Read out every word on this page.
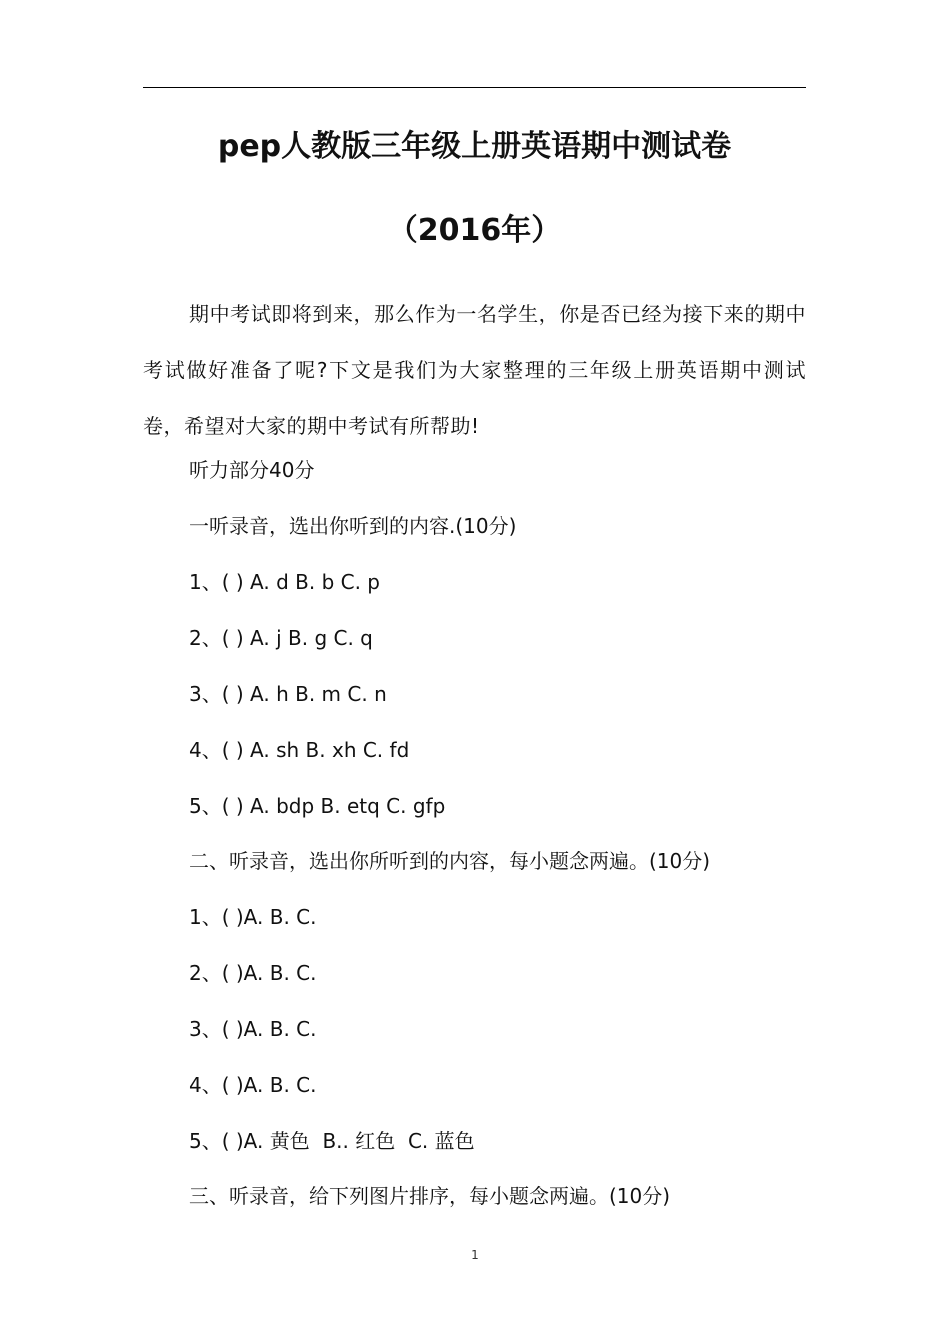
pep人教版三年级上册英语期中测试卷
（2016年）
期中考试即将到来，那么作为一名学生，你是否已经为接下来的期中考试做好准备了呢?下文是我们为大家整理的三年级上册英语期中测试卷，希望对大家的期中考试有所帮助!
听力部分40分
一听录音，选出你听到的内容.(10分)
1、( ) A. d B. b C. p
2、( ) A. j B. g C. q
3、( ) A. h B. m C. n
4、( ) A. sh B. xh C. fd
5、( ) A. bdp B. etq C. gfp
二、听录音，选出你所听到的内容，每小题念两遍。(10分)
1、( )A. B. C.
2、( )A. B. C.
3、( )A. B. C.
4、( )A. B. C.
5、( )A. 黄色  B.. 红色  C. 蓝色
三、听录音，给下列图片排序，每小题念两遍。(10分)
1
